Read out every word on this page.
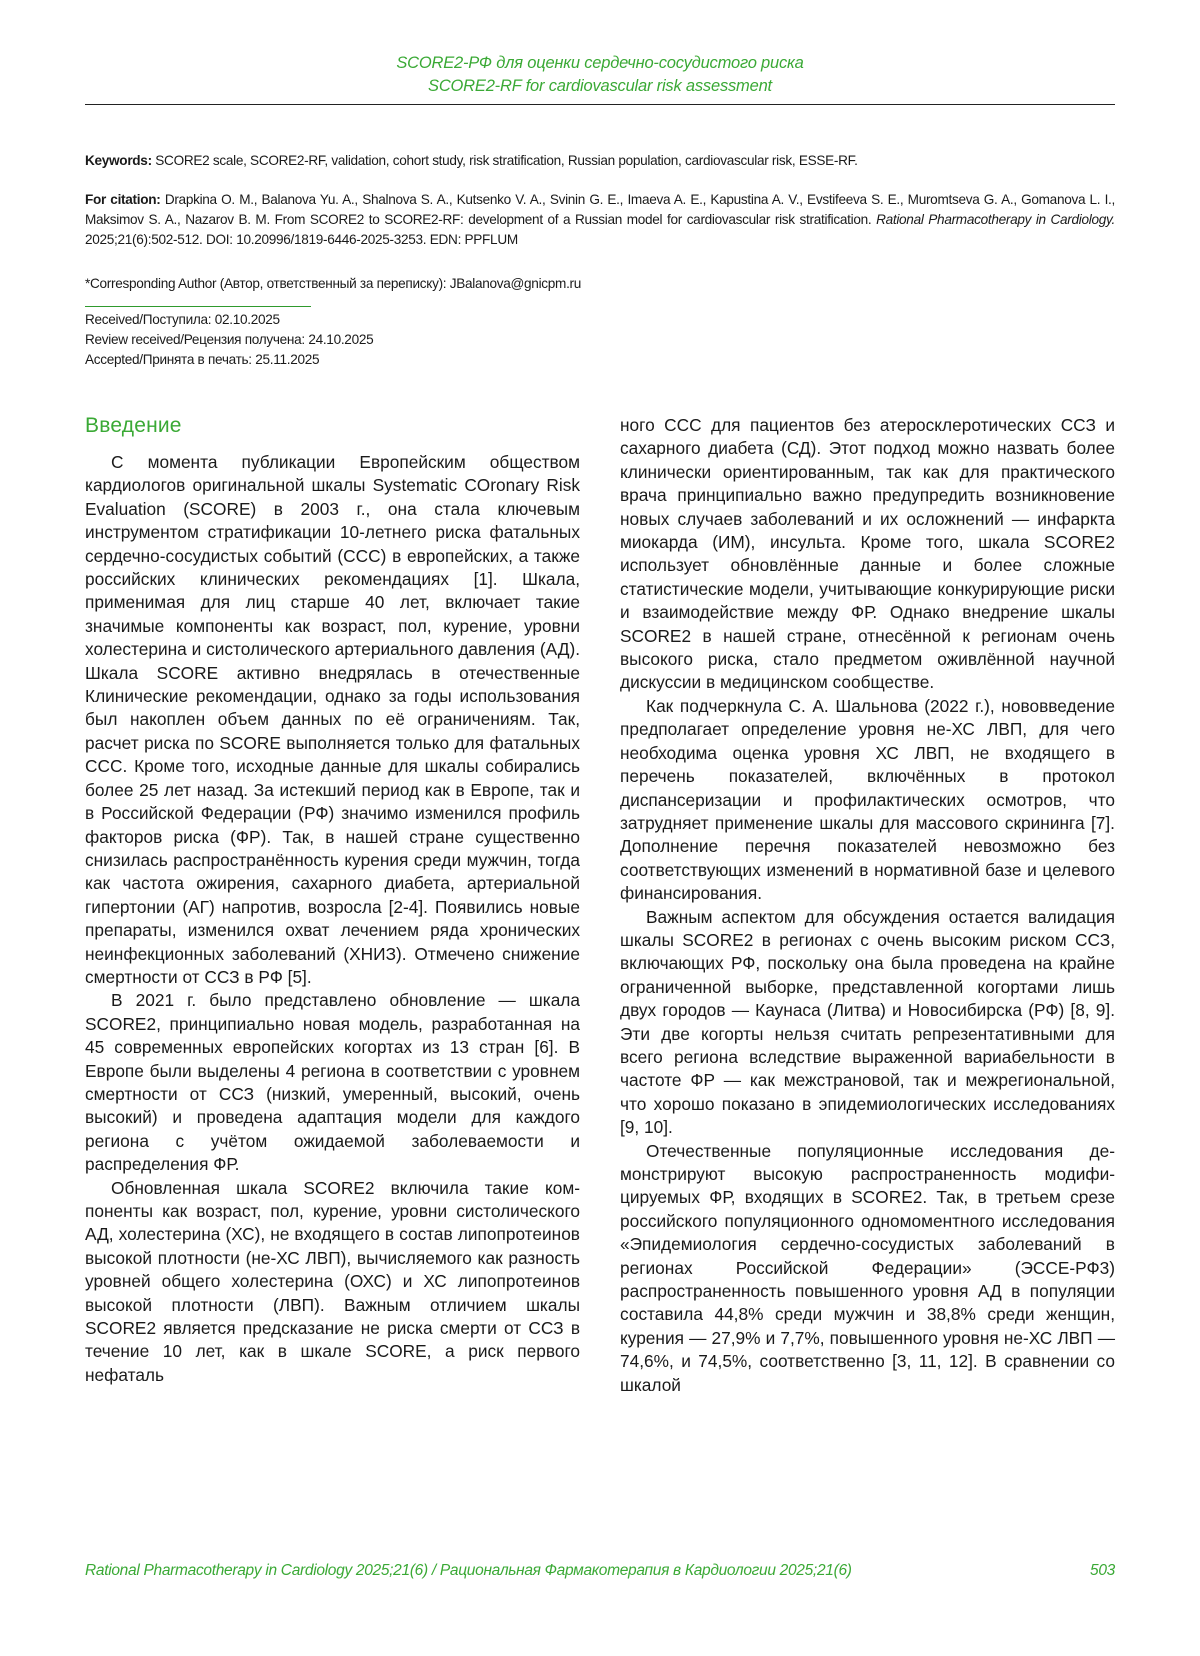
SCORE2-РФ для оценки сердечно-сосудистого риска
SCORE2-RF for cardiovascular risk assessment
Keywords: SCORE2 scale, SCORE2-RF, validation, cohort study, risk stratification, Russian population, cardiovascular risk, ESSE-RF.
For citation: Drapkina O. M., Balanova Yu. A., Shalnova S. A., Kutsenko V. A., Svinin G. E., Imaeva A. E., Kapustina A. V., Evstifeeva S. E., Muromtseva G. A., Gomanova L. I., Maksimov S. A., Nazarov B. M. From SCORE2 to SCORE2-RF: development of a Russian model for cardiovascular risk stratification. Rational Pharmacotherapy in Cardiology. 2025;21(6):502-512. DOI: 10.20996/1819-6446-2025-3253. EDN: PPFLUM
*Corresponding Author (Автор, ответственный за переписку): JBalanova@gnicpm.ru
Received/Поступила: 02.10.2025
Review received/Рецензия получена: 24.10.2025
Accepted/Принята в печать: 25.11.2025
Введение

С момента публикации Европейским обществом кардиологов оригинальной шкалы Systematic COronary Risk Evaluation (SCORE) в 2003 г., она стала ключевым инструментом стратификации 10-летнего риска фатальных сердечно-сосудистых событий (ССС) в европейских, а также российских клинических рекомендациях [1]. Шкала, применимая для лиц старше 40 лет, включает такие значимые компоненты как возраст, пол, курение, уровни холестерина и систолического артериального давления (АД). Шкала SCORE активно внедрялась в отечественные Клинические рекомендации, однако за годы использования был накоплен объем данных по её ограничениям. Так, расчет риска по SCORE выполняется только для фатальных ССС. Кроме того, исходные данные для шкалы собирались более 25 лет назад. За истекший период как в Европе, так и в Российской Федерации (РФ) значимо изменился профиль факторов риска (ФР). Так, в нашей стране существенно снизилась распространённость курения среди мужчин, тогда как частота ожирения, сахарного диабета, артериальной гипертонии (АГ) напротив, возросла [2-4]. Появились новые препараты, изменился охват лечением ряда хронических неинфекционных заболеваний (ХНИЗ). Отмечено снижение смертности от ССЗ в РФ [5].

В 2021 г. было представлено обновление — шкала SCORE2, принципиально новая модель, разработанная на 45 современных европейских когортах из 13 стран [6]. В Европе были выделены 4 региона в соответствии с уровнем смертности от ССЗ (низкий, умеренный, высокий, очень высокий) и проведена адаптация модели для каждого региона с учётом ожидаемой заболеваемости и распределения ФР.

Обновленная шкала SCORE2 включила такие компоненты как возраст, пол, курение, уровни систолического АД, холестерина (ХС), не входящего в состав липопротеинов высокой плотности (не-ХС ЛВП), вычисляемого как разность уровней общего холестерина (ОХС) и ХС липопротеинов высокой плотности (ЛВП). Важным отличием шкалы SCORE2 является предсказание не риска смерти от ССЗ в течение 10 лет, как в шкале SCORE, а риск первого нефаталь

ного ССС для пациентов без атеросклеротических ССЗ и сахарного диабета (СД). Этот подход можно назвать более клинически ориентированным, так как для практического врача принципиально важно предупредить возникновение новых случаев заболеваний и их осложнений — инфаркта миокарда (ИМ), инсульта. Кроме того, шкала SCORE2 использует обновлённые данные и более сложные статистические модели, учитывающие конкурирующие риски и взаимодействие между ФР. Однако внедрение шкалы SCORE2 в нашей стране, отнесённой к регионам очень высокого риска, стало предметом оживлённой научной дискуссии в медицинском сообществе.

Как подчеркнула С. А. Шальнова (2022 г.), нововведение предполагает определение уровня не-ХС ЛВП, для чего необходима оценка уровня ХС ЛВП, не входящего в перечень показателей, включённых в протокол диспансеризации и профилактических осмотров, что затрудняет применение шкалы для массового скрининга [7]. Дополнение перечня показателей невозможно без соответствующих изменений в нормативной базе и целевого финансирования.

Важным аспектом для обсуждения остается валидация шкалы SCORE2 в регионах с очень высоким риском ССЗ, включающих РФ, поскольку она была проведена на крайне ограниченной выборке, представленной когортами лишь двух городов — Каунаса (Литва) и Новосибирска (РФ) [8, 9]. Эти две когорты нельзя считать репрезентативными для всего региона вследствие выраженной вариабельности в частоте ФР — как межстрановой, так и межрегиональной, что хорошо показано в эпидемиологических исследованиях [9, 10].

Отечественные популяционные исследования демонстрируют высокую распространенность модифицируемых ФР, входящих в SCORE2. Так, в третьем срезе российского популяционного одномоментного исследования «Эпидемиология сердечно-сосудистых заболеваний в регионах Российской Федерации» (ЭССЕ-РФ3) распространенность повышенного уровня АД в популяции составила 44,8% среди мужчин и 38,8% среди женщин, курения — 27,9% и 7,7%, повышенного уровня не-ХС ЛВП — 74,6%, и 74,5%, соответственно [3, 11, 12]. В сравнении со шкалой

Rational Pharmacotherapy in Cardiology 2025;21(6) / Рациональная Фармакотерапия в Кардиологии 2025;21(6)	503
